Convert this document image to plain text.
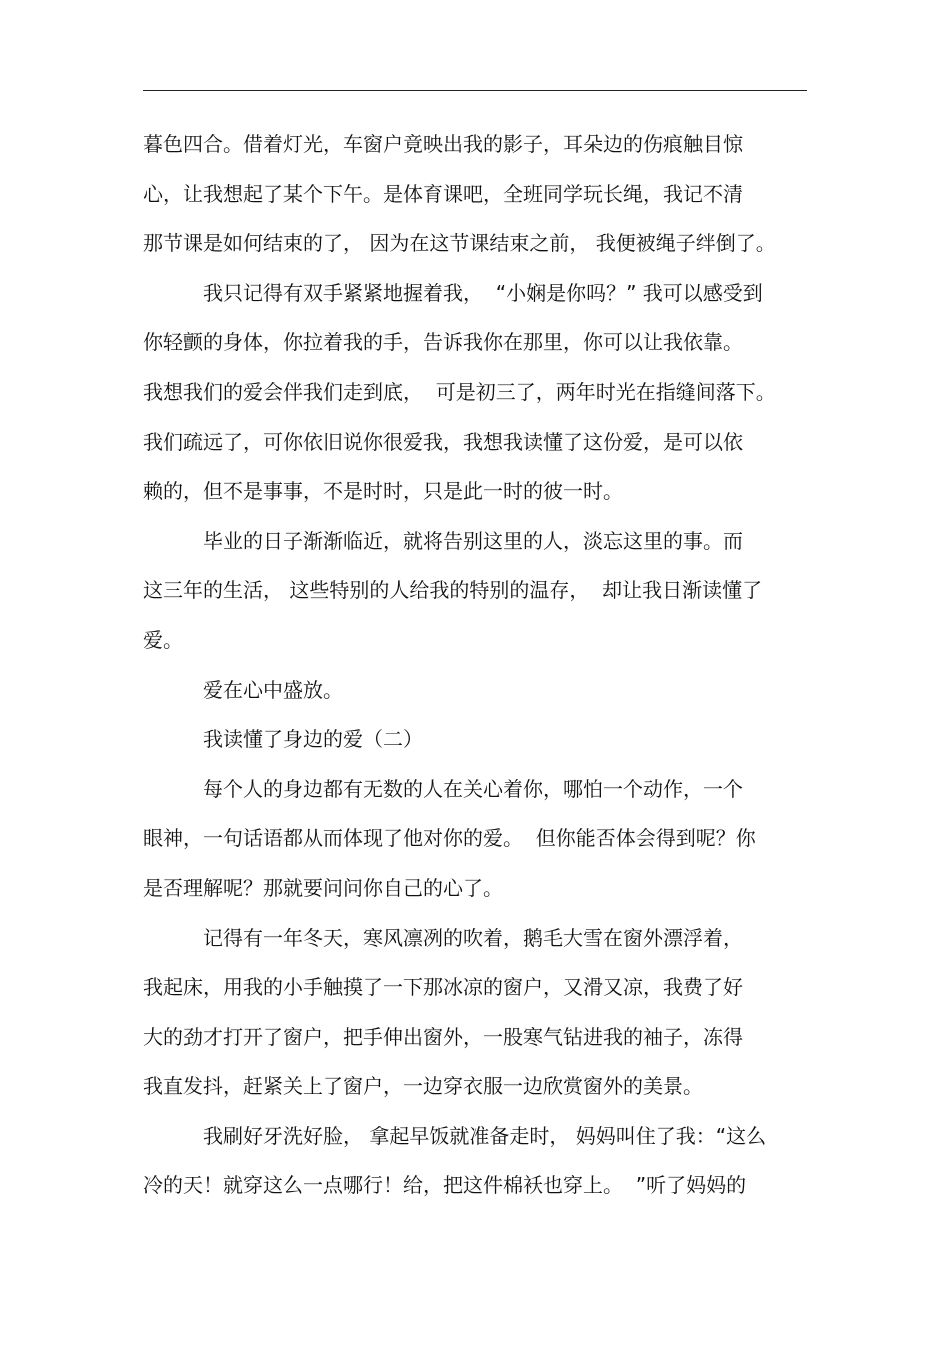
暮色四合。借着灯光，车窗户竟映出我的影子，耳朵边的伤痕触目惊
心，让我想起了某个下午。是体育课吧，全班同学玩长绳，我记不清
那节课是如何结束的了， 因为在这节课结束之前， 我便被绳子绊倒了。
我只记得有双手紧紧地握着我，  “小娴是你吗？” 我可以感受到
你轻颤的身体，你拉着我的手，告诉我你在那里，你可以让我依靠。
我想我们的爱会伴我们走到底，  可是初三了，两年时光在指缝间落下。
我们疏远了，可你依旧说你很爱我，我想我读懂了这份爱，是可以依
赖的，但不是事事，不是时时，只是此一时的彼一时。
毕业的日子渐渐临近，就将告别这里的人，淡忘这里的事。而
这三年的生活， 这些特别的人给我的特别的温存，  却让我日渐读懂了
爱。
爱在心中盛放。
我读懂了身边的爱（二）
每个人的身边都有无数的人在关心着你，哪怕一个动作，一个
眼神，一句话语都从而体现了他对你的爱。  但你能否体会得到呢？你
是否理解呢？那就要问问你自己的心了。
记得有一年冬天，寒风凛冽的吹着，鹅毛大雪在窗外漂浮着，
我起床，用我的小手触摸了一下那冰凉的窗户，又滑又凉，我费了好
大的劲才打开了窗户，把手伸出窗外，一股寒气钻进我的袖子，冻得
我直发抖，赶紧关上了窗户，一边穿衣服一边欣赏窗外的美景。
我刷好牙洗好脸， 拿起早饭就准备走时， 妈妈叫住了我：“这么
冷的天！就穿这么一点哪行！给，把这件棉袄也穿上。  ”听了妈妈的
